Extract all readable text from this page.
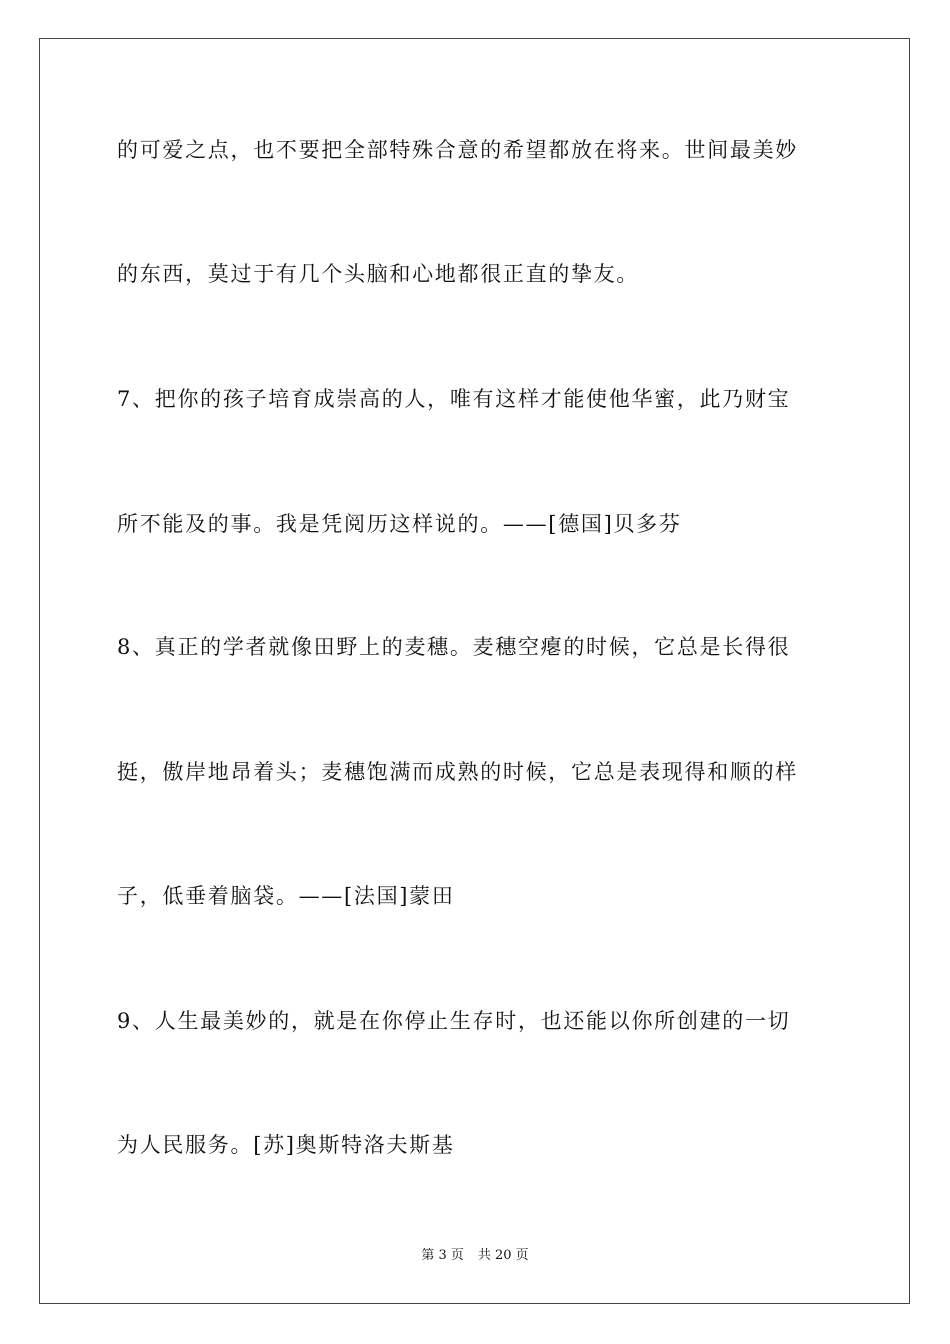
的可爱之点，也不要把全部特殊合意的希望都放在将来。世间最美妙

的东西，莫过于有几个头脑和心地都很正直的挚友。

7、把你的孩子培育成崇高的人，唯有这样才能使他华蜜，此乃财宝

所不能及的事。我是凭阅历这样说的。——[德国]贝多芬

8、真正的学者就像田野上的麦穗。麦穗空瘪的时候，它总是长得很

挺，傲岸地昂着头；麦穗饱满而成熟的时候，它总是表现得和顺的样

子，低垂着脑袋。——[法国]蒙田

9、人生最美妙的，就是在你停止生存时，也还能以你所创建的一切

为人民服务。[苏]奥斯特洛夫斯基

第 3 页 共 20 页
